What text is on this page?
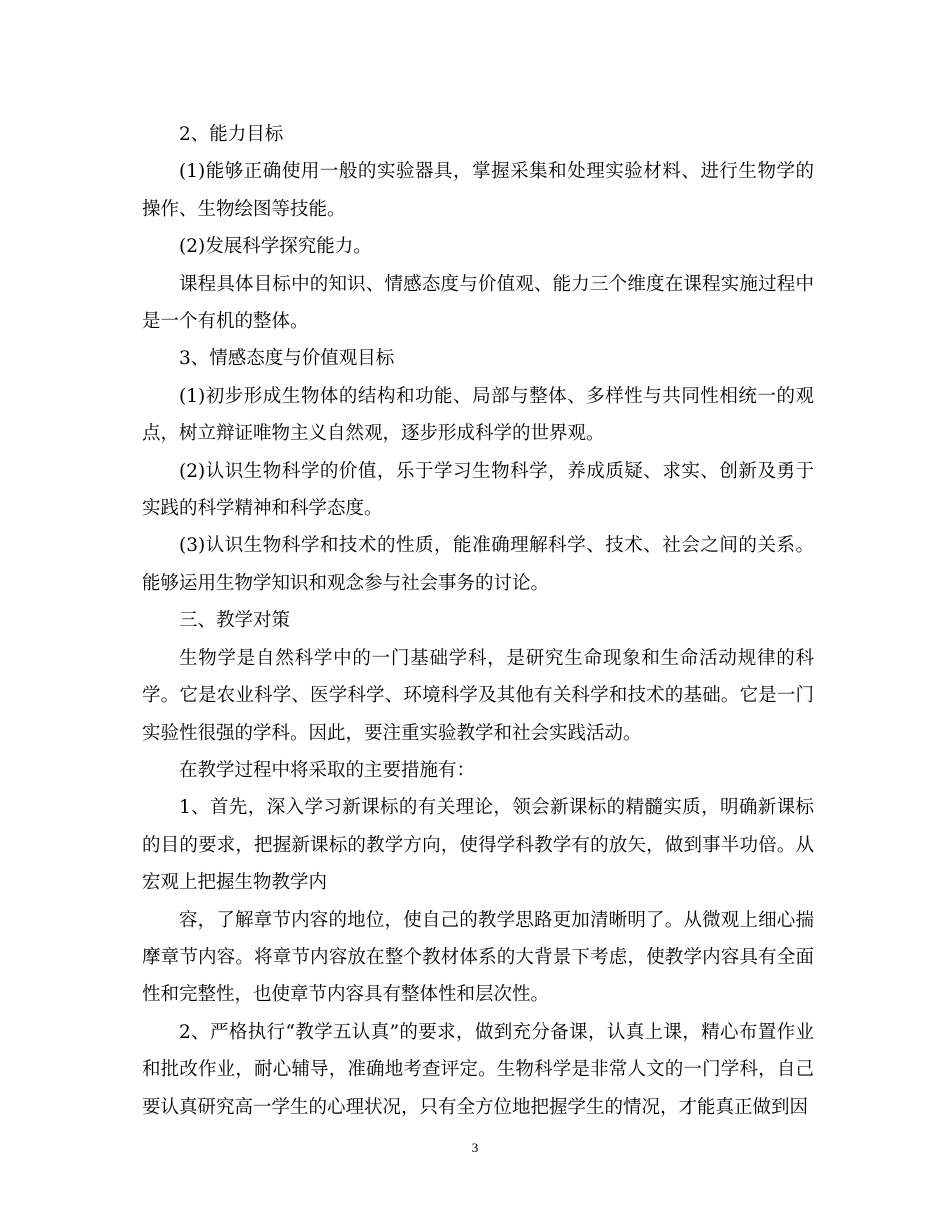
2、能力目标

(1)能够正确使用一般的实验器具，掌握采集和处理实验材料、进行生物学的操作、生物绘图等技能。

(2)发展科学探究能力。

课程具体目标中的知识、情感态度与价值观、能力三个维度在课程实施过程中是一个有机的整体。

3、情感态度与价值观目标

(1)初步形成生物体的结构和功能、局部与整体、多样性与共同性相统一的观点，树立辩证唯物主义自然观，逐步形成科学的世界观。

(2)认识生物科学的价值，乐于学习生物科学，养成质疑、求实、创新及勇于实践的科学精神和科学态度。

(3)认识生物科学和技术的性质，能准确理解科学、技术、社会之间的关系。能够运用生物学知识和观念参与社会事务的讨论。

三、教学对策

生物学是自然科学中的一门基础学科，是研究生命现象和生命活动规律的科学。它是农业科学、医学科学、环境科学及其他有关科学和技术的基础。它是一门实验性很强的学科。因此，要注重实验教学和社会实践活动。

在教学过程中将采取的主要措施有：

1、首先，深入学习新课标的有关理论，领会新课标的精髓实质，明确新课标的目的要求，把握新课标的教学方向，使得学科教学有的放矢，做到事半功倍。从宏观上把握生物教学内

容，了解章节内容的地位，使自己的教学思路更加清晰明了。从微观上细心揣摩章节内容。将章节内容放在整个教材体系的大背景下考虑，使教学内容具有全面性和完整性，也使章节内容具有整体性和层次性。

2、严格执行“教学五认真”的要求，做到充分备课，认真上课，精心布置作业和批改作业，耐心辅导，准确地考查评定。生物科学是非常人文的一门学科，自己要认真研究高一学生的心理状况，只有全方位地把握学生的情况，才能真正做到因

3
